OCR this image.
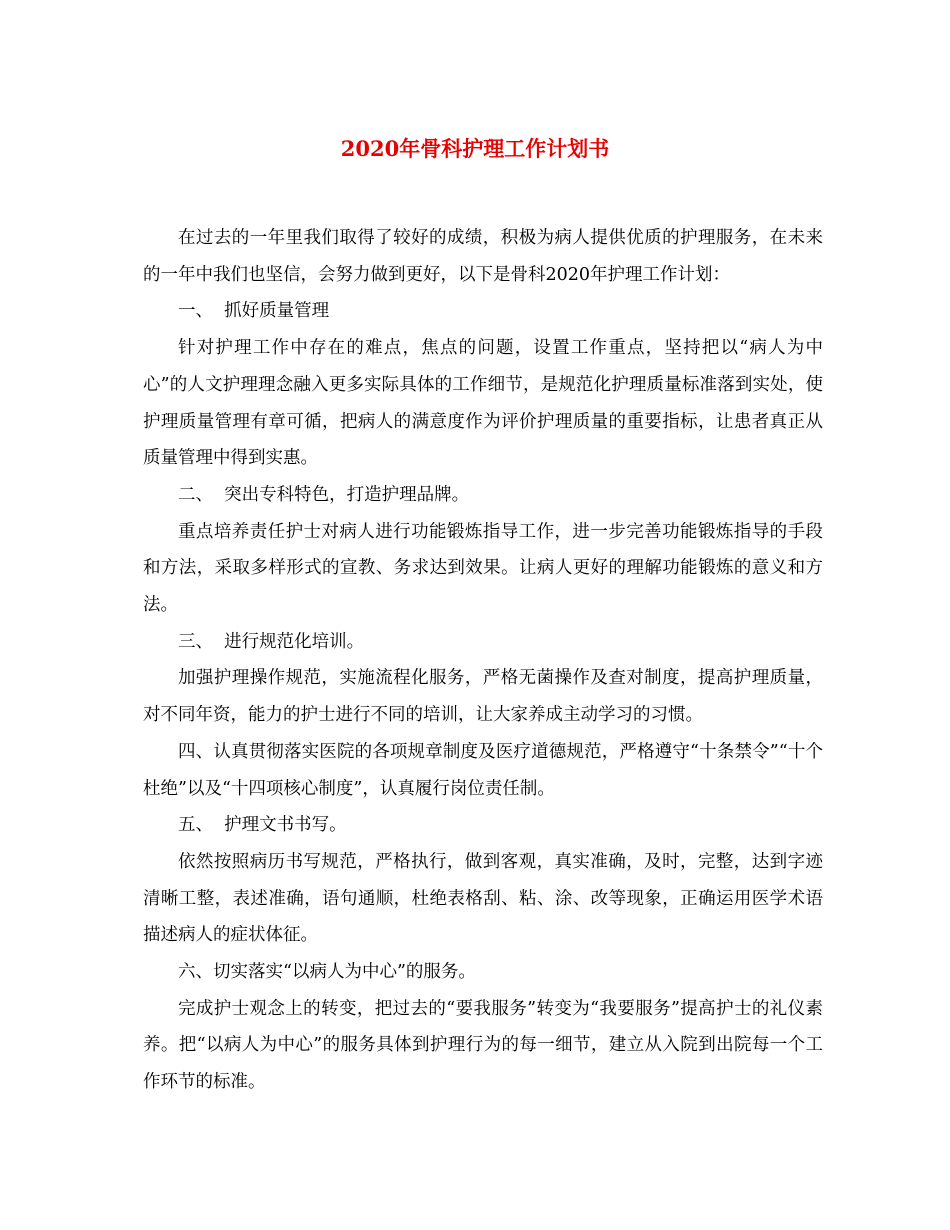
2020年骨科护理工作计划书

在过去的一年里我们取得了较好的成绩，积极为病人提供优质的护理服务，在未来的一年中我们也坚信，会努力做到更好，以下是骨科2020年护理工作计划：

一、  抓好质量管理

针对护理工作中存在的难点，焦点的问题，设置工作重点，坚持把以“病人为中心”的人文护理理念融入更多实际具体的工作细节，是规范化护理质量标准落到实处，使护理质量管理有章可循，把病人的满意度作为评价护理质量的重要指标，让患者真正从质量管理中得到实惠。

二、  突出专科特色，打造护理品牌。

重点培养责任护士对病人进行功能锻炼指导工作，进一步完善功能锻炼指导的手段和方法，采取多样形式的宣教、务求达到效果。让病人更好的理解功能锻炼的意义和方法。

三、  进行规范化培训。

加强护理操作规范，实施流程化服务，严格无菌操作及查对制度，提高护理质量，对不同年资，能力的护士进行不同的培训，让大家养成主动学习的习惯。

四、认真贯彻落实医院的各项规章制度及医疗道德规范，严格遵守“十条禁令”“十个杜绝”以及“十四项核心制度”，认真履行岗位责任制。

五、  护理文书书写。

依然按照病历书写规范，严格执行，做到客观，真实准确，及时，完整，达到字迹清晰工整，表述准确，语句通顺，杜绝表格刮、粘、涂、改等现象，正确运用医学术语描述病人的症状体征。

六、切实落实“以病人为中心”的服务。

完成护士观念上的转变，把过去的“要我服务”转变为“我要服务”提高护士的礼仪素养。把“以病人为中心”的服务具体到护理行为的每一细节，建立从入院到出院每一个工作环节的标准。
